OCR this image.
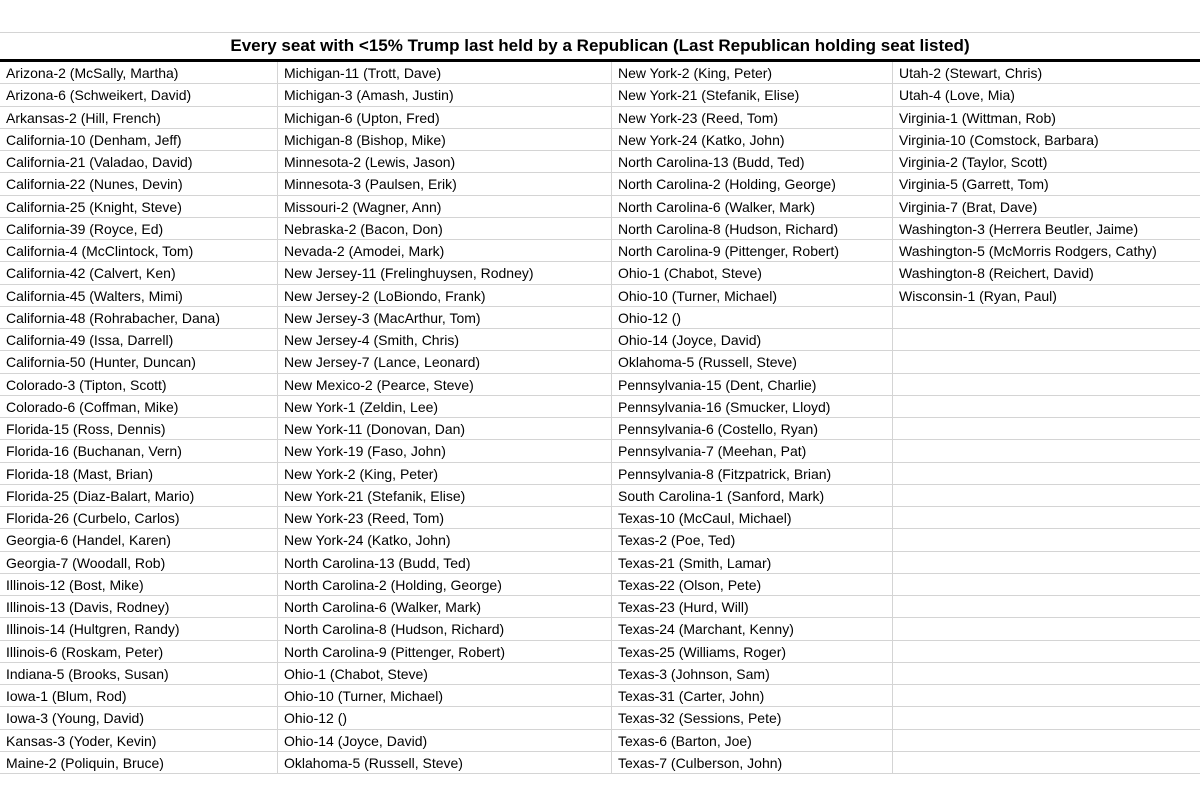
Every seat with <15% Trump last held by a Republican (Last Republican holding seat listed)
Arizona-2 (McSally, Martha)
Arizona-6 (Schweikert, David)
Arkansas-2 (Hill, French)
California-10 (Denham, Jeff)
California-21 (Valadao, David)
California-22 (Nunes, Devin)
California-25 (Knight, Steve)
California-39 (Royce, Ed)
California-4 (McClintock, Tom)
California-42 (Calvert, Ken)
California-45 (Walters, Mimi)
California-48 (Rohrabacher, Dana)
California-49 (Issa, Darrell)
California-50 (Hunter, Duncan)
Colorado-3 (Tipton, Scott)
Colorado-6 (Coffman, Mike)
Florida-15 (Ross, Dennis)
Florida-16 (Buchanan, Vern)
Florida-18 (Mast, Brian)
Florida-25 (Diaz-Balart, Mario)
Florida-26 (Curbelo, Carlos)
Georgia-6 (Handel, Karen)
Georgia-7 (Woodall, Rob)
Illinois-12 (Bost, Mike)
Illinois-13 (Davis, Rodney)
Illinois-14 (Hultgren, Randy)
Illinois-6 (Roskam, Peter)
Indiana-5 (Brooks, Susan)
Iowa-1 (Blum, Rod)
Iowa-3 (Young, David)
Kansas-3 (Yoder, Kevin)
Maine-2 (Poliquin, Bruce)
Michigan-11 (Trott, Dave)
Michigan-3 (Amash, Justin)
Michigan-6 (Upton, Fred)
Michigan-8 (Bishop, Mike)
Minnesota-2 (Lewis, Jason)
Minnesota-3 (Paulsen, Erik)
Missouri-2 (Wagner, Ann)
Nebraska-2 (Bacon, Don)
Nevada-2 (Amodei, Mark)
New Jersey-11 (Frelinghuysen, Rodney)
New Jersey-2 (LoBiondo, Frank)
New Jersey-3 (MacArthur, Tom)
New Jersey-4 (Smith, Chris)
New Jersey-7 (Lance, Leonard)
New Mexico-2 (Pearce, Steve)
New York-1 (Zeldin, Lee)
New York-11 (Donovan, Dan)
New York-19 (Faso, John)
New York-2 (King, Peter)
New York-21 (Stefanik, Elise)
New York-23 (Reed, Tom)
New York-24 (Katko, John)
North Carolina-13 (Budd, Ted)
North Carolina-2 (Holding, George)
North Carolina-6 (Walker, Mark)
North Carolina-8 (Hudson, Richard)
North Carolina-9 (Pittenger, Robert)
Ohio-1 (Chabot, Steve)
Ohio-10 (Turner, Michael)
Ohio-12 ()
Ohio-14 (Joyce, David)
Oklahoma-5 (Russell, Steve)
New York-2 (King, Peter)
New York-21 (Stefanik, Elise)
New York-23 (Reed, Tom)
New York-24 (Katko, John)
North Carolina-13 (Budd, Ted)
North Carolina-2 (Holding, George)
North Carolina-6 (Walker, Mark)
North Carolina-8 (Hudson, Richard)
North Carolina-9 (Pittenger, Robert)
Ohio-1 (Chabot, Steve)
Ohio-10 (Turner, Michael)
Ohio-12 ()
Ohio-14 (Joyce, David)
Oklahoma-5 (Russell, Steve)
Pennsylvania-15 (Dent, Charlie)
Pennsylvania-16 (Smucker, Lloyd)
Pennsylvania-6 (Costello, Ryan)
Pennsylvania-7 (Meehan, Pat)
Pennsylvania-8 (Fitzpatrick, Brian)
South Carolina-1 (Sanford, Mark)
Texas-10 (McCaul, Michael)
Texas-2 (Poe, Ted)
Texas-21 (Smith, Lamar)
Texas-22 (Olson, Pete)
Texas-23 (Hurd, Will)
Texas-24 (Marchant, Kenny)
Texas-25 (Williams, Roger)
Texas-3 (Johnson, Sam)
Texas-31 (Carter, John)
Texas-32 (Sessions, Pete)
Texas-6 (Barton, Joe)
Texas-7 (Culberson, John)
Utah-2 (Stewart, Chris)
Utah-4 (Love, Mia)
Virginia-1 (Wittman, Rob)
Virginia-10 (Comstock, Barbara)
Virginia-2 (Taylor, Scott)
Virginia-5 (Garrett, Tom)
Virginia-7 (Brat, Dave)
Washington-3 (Herrera Beutler, Jaime)
Washington-5 (McMorris Rodgers, Cathy)
Washington-8 (Reichert, David)
Wisconsin-1 (Ryan, Paul)
